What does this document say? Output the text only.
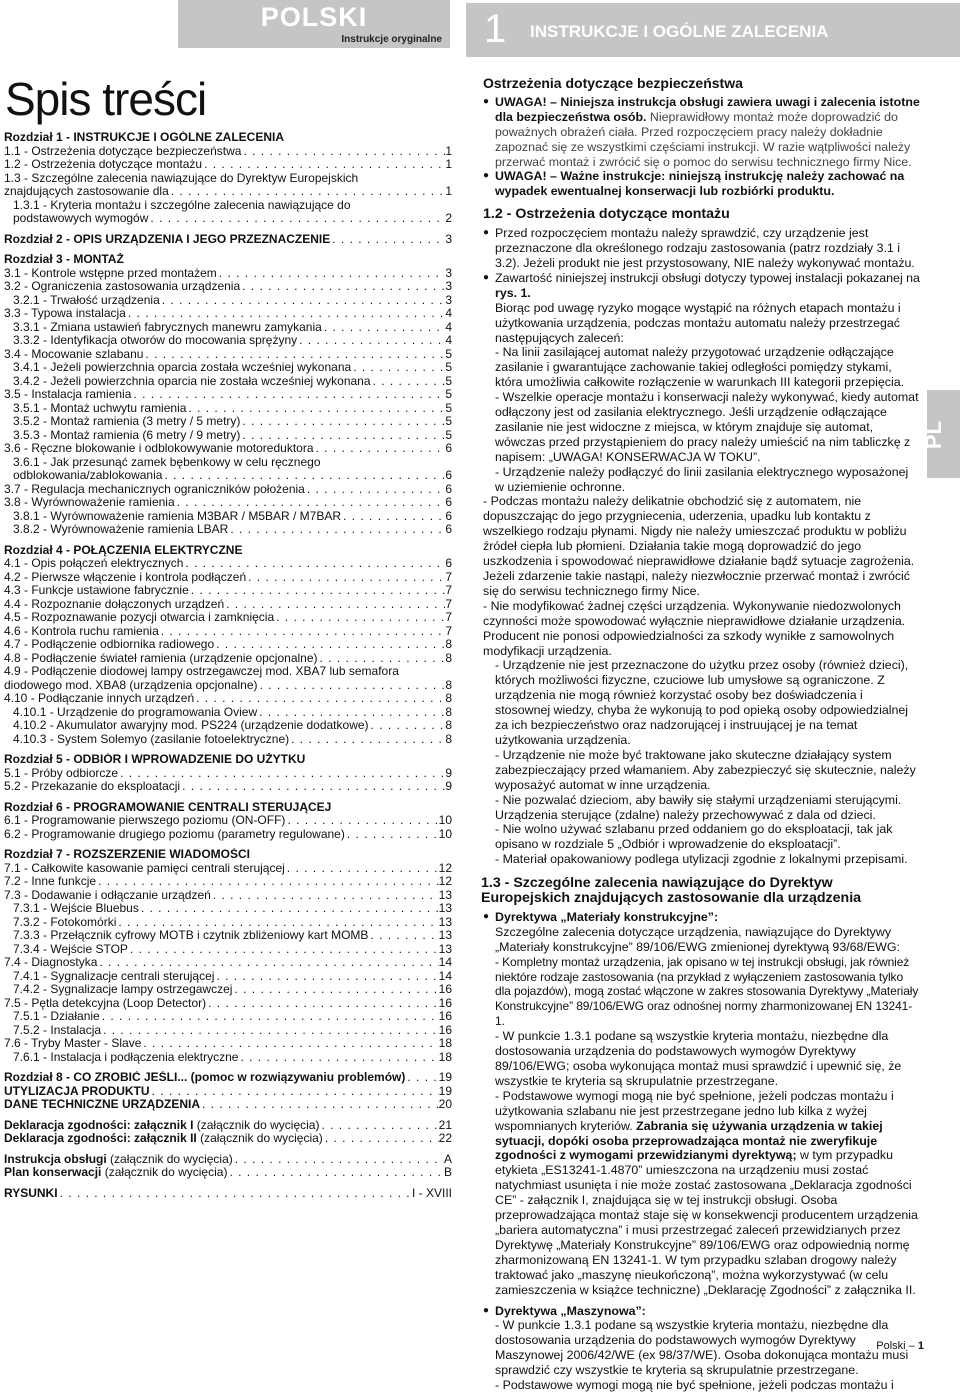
POLSKI
Instrukcje oryginalne
Spis treści
Rozdział 1 - INSTRUKCJE I OGÓLNE ZALECENIA
1.1 - Ostrzeżenia dotyczące bezpieczeństwa . . .	1
1.2 - Ostrzeżenia dotyczące montażu . . .	1
1.3 - Szczególne zalecenia nawiązujące do Dyrektyw Europejskich
znajdujących zastosowanie dla . . .	1
1.3.1 - Kryteria montażu i szczególne zalecenia nawiązujące do
podstawowych wymogów . . .	2
Rozdział 2 - OPIS URZĄDZENIA I JEGO PRZEZNACZENIE . . .	3
Rozdział 3 - MONTAŻ
3.1 - Kontrole wstępne przed montażem . . .	3
3.2 - Ograniczenia zastosowania urządzenia . . .	3
3.2.1 - Trwałość urządzenia . . .	3
3.3 - Typowa instalacja . . .	4
3.3.1 - Zmiana ustawień fabrycznych manewru zamykania . . .	4
3.3.2 - Identyfikacja otworów do mocowania sprężyny . . .	4
3.4 - Mocowanie szlabanu . . .	5
3.4.1 - Jeżeli powierzchnia oparcia została wcześniej wykonana . . .	5
3.4.2 - Jeżeli powierzchnia oparcia nie została wcześniej wykonana . . .	5
3.5 - Instalacja ramienia . . .	5
3.5.1 - Montaż uchwytu ramienia . . .	5
3.5.2 - Montaż ramienia (3 metry / 5 metry) . . .	5
3.5.3 - Montaż ramienia (6 metry / 9 metry) . . .	5
3.6 - Ręczne blokowanie i odblokowywanie motoreduktora . . .	6
3.6.1 - Jak przesunąć zamek bębenkowy w celu ręcznego
odblokowania/zablokowania . . .	6
3.7 - Regulacja mechanicznych ograniczników położenia . . .	6
3.8 - Wyrównoważenie ramienia . . .	6
3.8.1 - Wyrównoważenie ramienia M3BAR / M5BAR / M7BAR . . .	6
3.8.2 - Wyrównoważenie ramienia LBAR . . .	6
Rozdział 4 - POŁĄCZENIA ELEKTRYCZNE
4.1 - Opis połączeń elektrycznych . . .	6
4.2 - Pierwsze włączenie i kontrola podłączeń . . .	7
4.3 - Funkcje ustawione fabrycznie . . .	7
4.4 - Rozpoznanie dołączonych urządzeń . . .	7
4.5 - Rozpoznawanie pozycji otwarcia i zamknięcia . . .	7
4.6 - Kontrola ruchu ramienia . . .	7
4.7 - Podłączenie odbiornika radiowego . . .	8
4.8 - Podłączenie świateł ramienia (urządzenie opcjonalne) . . .	8
4.9 - Podłączenie diodowej lampy ostrzegawczej mod. XBA7 lub semafora
diodowego mod. XBA8 (urządzenia opcjonalne) . . .	8
4.10 - Podłączanie innych urządzeń . . .	8
4.10.1 - Urządzenie do programowania Oview . . .	8
4.10.2 - Akumulator awaryjny mod. PS224 (urządzenie dodatkowe) . . .	8
4.10.3 - System Solemyo (zasilanie fotoelektryczne) . . .	8
Rozdział 5 - ODBIÓR I WPROWADZENIE DO UŻYTKU
5.1 - Próby odbiorcze . . .	9
5.2 - Przekazanie do eksploatacji . . .	9
Rozdział 6 - PROGRAMOWANIE CENTRALI STERUJĄCEJ
6.1 - Programowanie pierwszego poziomu (ON-OFF) . . .	10
6.2 - Programowanie drugiego poziomu (parametry regulowane) . . .	10
Rozdział 7 - ROZSZERZENIE WIADOMOŚCI
7.1 - Całkowite kasowanie pamięci centrali sterującej . . .	12
7.2 - Inne funkcje . . .	12
7.3 - Dodawanie i odłączanie urządzeń . . .	13
7.3.1 - Wejście Bluebus . . .	13
7.3.2 - Fotokomórki . . .	13
7.3.3 - Przełącznik cyfrowy MOTB i czytnik zbliżeniowy kart MOMB . . .	13
7.3.4 - Wejście STOP . . .	13
7.4 - Diagnostyka . . .	14
7.4.1 - Sygnalizacje centrali sterującej . . .	14
7.4.2 - Sygnalizacje lampy ostrzegawczej . . .	16
7.5 - Pętla detekcyjna (Loop Detector) . . .	16
7.5.1 - Działanie . . .	16
7.5.2 - Instalacja . . .	16
7.6 - Tryby Master - Slave . . .	18
7.6.1 - Instalacja i podłączenia elektryczne . . .	18
Rozdział 8 - CO ZROBIĆ JEŚLI... (pomoc w rozwiązywaniu problemów) . . .	19
UTYLIZACJA PRODUKTU . . .	19
DANE TECHNICZNE URZĄDZENIA . . .	20
Deklaracja zgodności: załącznik I (załącznik do wycięcia) . . .	21
Deklaracja zgodności: załącznik II (załącznik do wycięcia) . . .	22
Instrukcja obsługi (załącznik do wycięcia) . . .	A
Plan konserwacji (załącznik do wycięcia) . . .	B
RYSUNKI . . .	I - XVIII
1 INSTRUKCJE I OGÓLNE ZALECENIA
PL

Ostrzeżenia dotyczące bezpieczeństwa

● UWAGA! – Niniejsza instrukcja obsługi zawiera uwagi i zalecenia istotne dla bezpieczeństwa osób. Nieprawidłowy montaż może doprowadzić do poważnych obrażeń ciała. Przed rozpoczęciem pracy należy dokładnie zapoznać się ze wszystkimi częściami instrukcji. W razie wątpliwości należy przerwać montaż i zwrócić się o pomoc do serwisu technicznego firmy Nice.

● UWAGA! – Ważne instrukcje: niniejszą instrukcję należy zachować na wypadek ewentualnej konserwacji lub rozbiórki produktu.

1.2 - Ostrzeżenia dotyczące montażu

● Przed rozpoczęciem montażu należy sprawdzić, czy urządzenie jest przeznaczone dla określonego rodzaju zastosowania (patrz rozdziały 3.1 i 3.2). Jeżeli produkt nie jest przystosowany, NIE należy wykonywać montażu.

● Zawartość niniejszej instrukcji obsługi dotyczy typowej instalacji pokazanej na rys. 1.

Biorąc pod uwagę ryzyko mogące wystąpić na różnych etapach montażu i użytkowania urządzenia, podczas montażu automatu należy przestrzegać następujących zaleceń:

- Na linii zasilającej automat należy przygotować urządzenie odłączające zasilanie i gwarantujące zachowanie takiej odległości pomiędzy stykami, która umożliwia całkowite rozłączenie w warunkach III kategorii przepięcia.

- Wszelkie operacje montażu i konserwacji należy wykonywać, kiedy automat odłączony jest od zasilania elektrycznego. Jeśli urządzenie odłączające zasilanie nie jest widoczne z miejsca, w którym znajduje się automat, wówczas przed przystąpieniem do pracy należy umieścić na nim tabliczkę z napisem: „UWAGA! KONSERWACJA W TOKU”.

- Urządzenie należy podłączyć do linii zasilania elektrycznego wyposażonej w uziemienie ochronne.

- Podczas montażu należy delikatnie obchodzić się z automatem, nie dopuszczając do jego przygniecenia, uderzenia, upadku lub kontaktu z wszelkiego rodzaju płynami. Nigdy nie należy umieszczać produktu w pobliżu źródeł ciepła lub płomieni. Działania takie mogą doprowadzić do jego uszkodzenia i spowodować nieprawidłowe działanie bądź sytuacje zagrożenia. Jeżeli zdarzenie takie nastąpi, należy niezwłocznie przerwać montaż i zwrócić się do serwisu technicznego firmy Nice.

- Nie modyfikować żadnej części urządzenia. Wykonywanie niedozwolonych czynności może spowodować wyłącznie nieprawidłowe działanie urządzenia. Producent nie ponosi odpowiedzialności za szkody wynikłe z samowolnych modyfikacji urządzenia.

- Urządzenie nie jest przeznaczone do użytku przez osoby (również dzieci), których możliwości fizyczne, czuciowe lub umysłowe są ograniczone. Z urządzenia nie mogą również korzystać osoby bez doświadczenia i stosownej wiedzy, chyba że wykonują to pod opieką osoby odpowiedzialnej za ich bezpieczeństwo oraz nadzorującej i instruującej je na temat użytkowania urządzenia.

- Urządzenie nie może być traktowane jako skuteczne działający system zabezpieczający przed włamaniem. Aby zabezpieczyć się skutecznie, należy wyposażyć automat w inne urządzenia.

- Nie pozwalać dzieciom, aby bawiły się stałymi urządzeniami sterującymi. Urządzenia sterujące (zdalne) należy przechowywać z dala od dzieci.

- Nie wolno używać szlabanu przed oddaniem go do eksploatacji, tak jak opisano w rozdziale 5 „Odbiór i wprowadzenie do eksploatacji”.

- Materiał opakowaniowy podlega utylizacji zgodnie z lokalnymi przepisami.

1.3 - Szczególne zalecenia nawiązujące do Dyrektyw Europejskich znajdujących zastosowanie dla urządzenia

● Dyrektywa „Materiały konstrukcyjne”:

Szczególne zalecenia dotyczące urządzenia, nawiązujące do Dyrektywy „Materiały konstrukcyjne” 89/106/EWG zmienionej dyrektywą 93/68/EWG:

- Kompletny montaż urządzenia, jak opisano w tej instrukcji obsługi, jak również niektóre rodzaje zastosowania (na przykład z wyłączeniem zastosowania tylko dla pojazdów), mogą zostać włączone w zakres stosowania Dyrektywy „Materiały Konstrukcyjne” 89/106/EWG oraz odnośnej normy zharmonizowanej EN 13241-1.

- W punkcie 1.3.1 podane są wszystkie kryteria montażu, niezbędne dla dostosowania urządzenia do podstawowych wymogów Dyrektywy 89/106/EWG; osoba wykonująca montaż musi sprawdzić i upewnić się, że wszystkie te kryteria są skrupulatnie przestrzegane.

- Podstawowe wymogi mogą nie być spełnione, jeżeli podczas montażu i użytkowania szlabanu nie jest przestrzegane jedno lub kilka z wyżej wspomnianych kryteriów. Zabrania się używania urządzenia w takiej sytuacji, dopóki osoba przeprowadzająca montaż nie zweryfikuje zgodności z wymogami przewidzianymi dyrektywą; w tym przypadku etykieta „ES13241-1.4870” umieszczona na urządzeniu musi zostać natychmiast usunięta i nie może zostać zastosowana „Deklaracja zgodności CE” - załącznik I, znajdująca się w tej instrukcji obsługi. Osoba przeprowadzająca montaż staje się w konsekwencji producentem urządzenia „bariera automatyczna” i musi przestrzegać zaleceń przewidzianych przez Dyrektywę „Materiały Konstrukcyjne” 89/106/EWG oraz odpowiednią normę zharmonizowaną EN 13241-1. W tym przypadku szlaban drogowy należy traktować jako „maszynę nieukończoną”, można wykorzystywać (w celu zamieszczenia w książce techniczne) „Deklarację Zgodności” z załącznika II.

● Dyrektywa „Maszynowa”:

- W punkcie 1.3.1 podane są wszystkie kryteria montażu, niezbędne dla dostosowania urządzenia do podstawowych wymogów Dyrektywy Maszynowej 2006/42/WE (ex 98/37/WE). Osoba dokonująca montażu musi sprawdzić czy wszystkie te kryteria są skrupulatnie przestrzegane.

- Podstawowe wymogi mogą nie być spełnione, jeżeli podczas montażu i

Polski – 1
